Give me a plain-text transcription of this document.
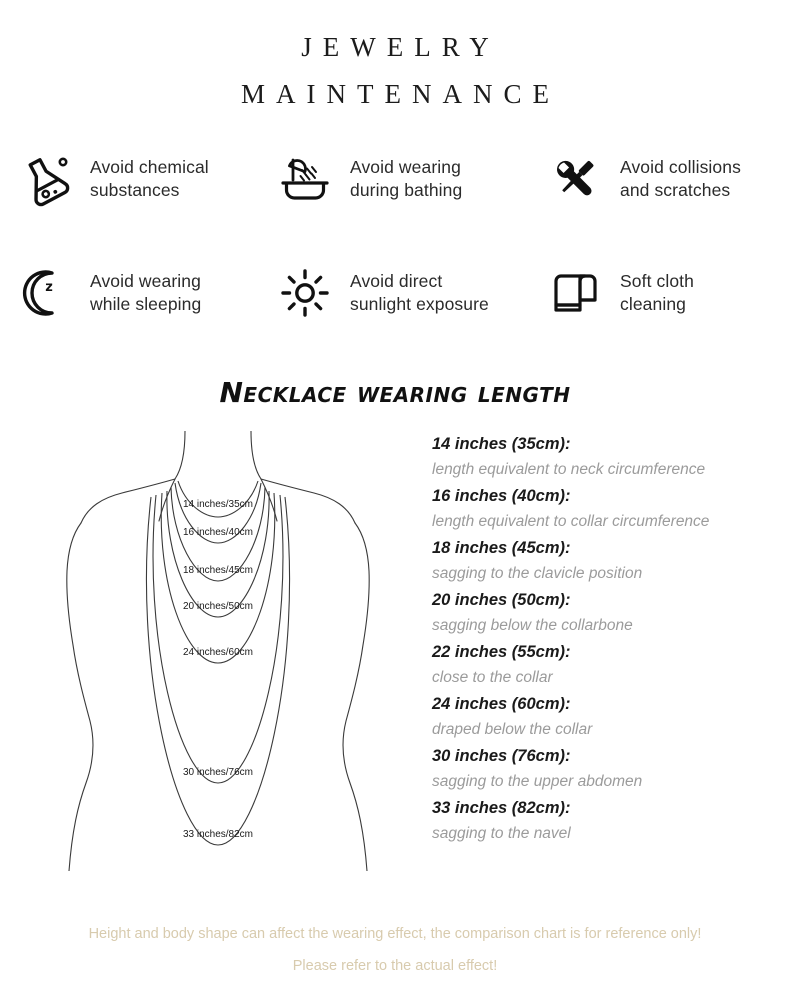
JEWELRY
MAINTENANCE
Avoid chemical
substances
Avoid wearing
during bathing
Avoid collisions
and scratches
z Avoid wearing
while sleeping
Avoid direct
sunlight exposure
Soft cloth
cleaning
Necklace wearing length
14 inches/35cm
16 inches/40cm
18 inches/45cm
20 inches/50cm
24 inches/60cm
30 inches/76cm
33 inches/82cm
14 inches (35cm):
length equivalent to neck circumference
16 inches (40cm):
length equivalent to collar circumference
18 inches (45cm):
sagging to the clavicle position
20 inches (50cm):
sagging below the collarbone
22 inches (55cm):
close to the collar
24 inches (60cm):
draped below the collar
30 inches (76cm):
sagging to the upper abdomen
33 inches (82cm):
sagging to the navel
Height and body shape can affect the wearing effect, the comparison chart is for reference only!
Please refer to the actual effect!
